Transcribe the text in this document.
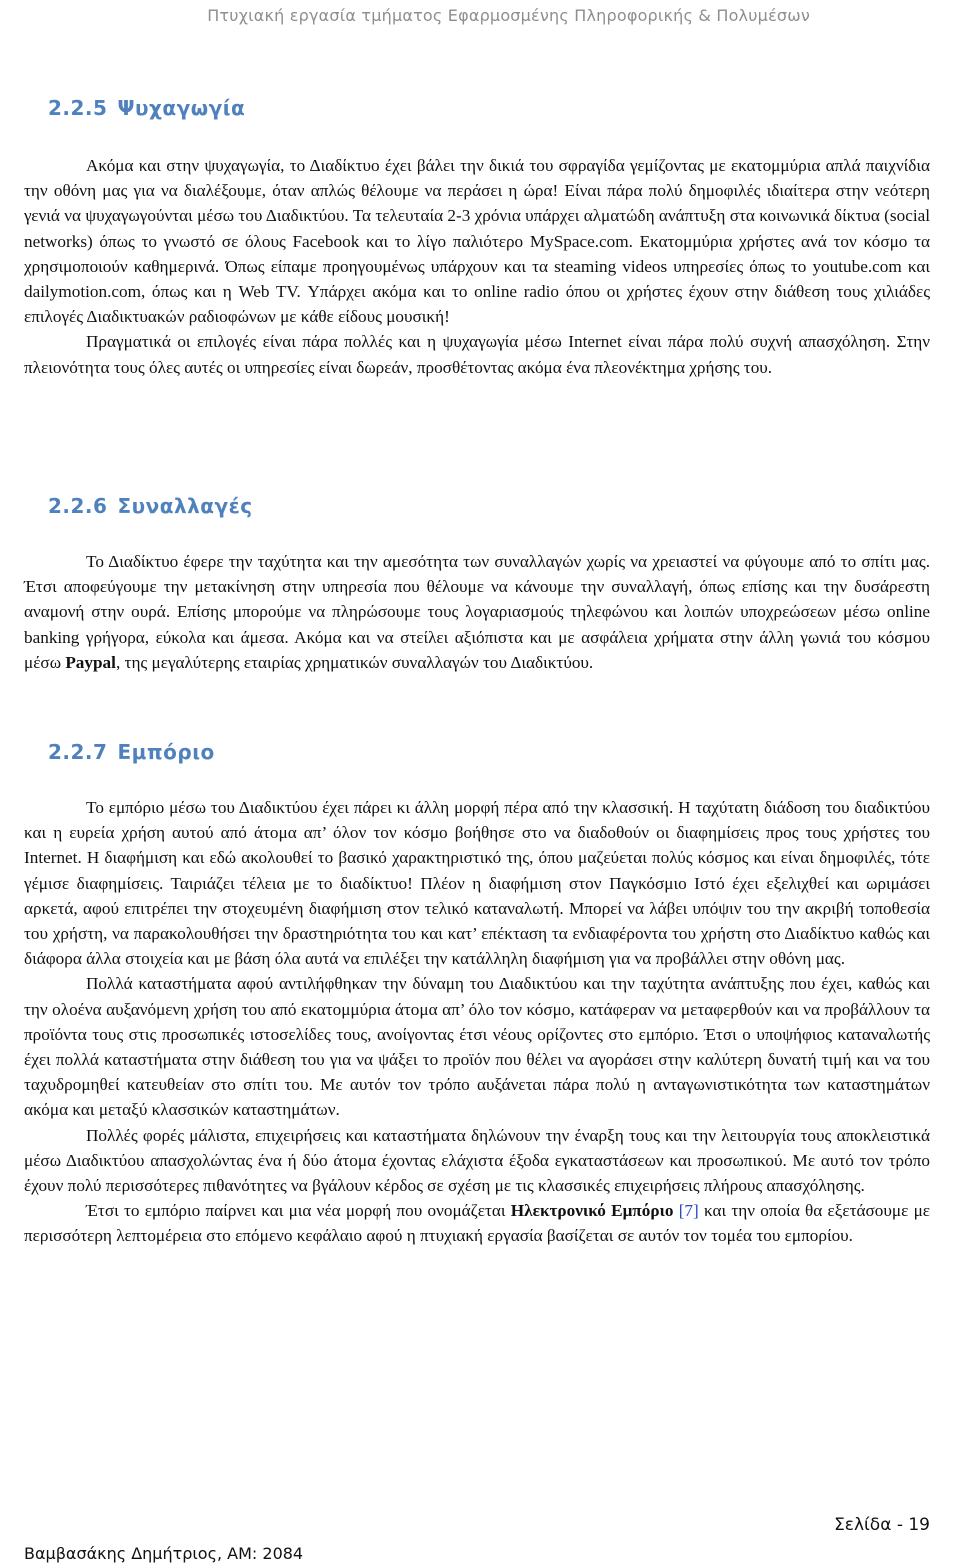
Πτυχιακή εργασία τμήματος Εφαρμοσμένης Πληροφορικής & Πολυμέσων
2.2.5 Ψυχαγωγία

Ακόμα και στην ψυχαγωγία, το Διαδίκτυο έχει βάλει την δικιά του σφραγίδα γεμίζοντας με εκατομμύρια απλά παιχνίδια την οθόνη μας για να διαλέξουμε, όταν απλώς θέλουμε να περάσει η ώρα! Είναι πάρα πολύ δημοφιλές ιδιαίτερα στην νεότερη γενιά να ψυχαγωγούνται μέσω του Διαδικτύου. Τα τελευταία 2-3 χρόνια υπάρχει αλματώδη ανάπτυξη στα κοινωνικά δίκτυα (social networks) όπως το γνωστό σε όλους Facebook και το λίγο παλιότερο MySpace.com. Εκατομμύρια χρήστες ανά τον κόσμο τα χρησιμοποιούν καθημερινά. Όπως είπαμε προηγουμένως υπάρχουν και τα steaming videos υπηρεσίες όπως το youtube.com και dailymotion.com, όπως και η Web TV. Υπάρχει ακόμα και το online radio όπου οι χρήστες έχουν στην διάθεση τους χιλιάδες επιλογές Διαδικτυακών ραδιοφώνων με κάθε είδους μουσική!

Πραγματικά οι επιλογές είναι πάρα πολλές και η ψυχαγωγία μέσω Internet είναι πάρα πολύ συχνή απασχόληση. Στην πλειονότητα τους όλες αυτές οι υπηρεσίες είναι δωρεάν, προσθέτοντας ακόμα ένα πλεονέκτημα χρήσης του.

2.2.6 Συναλλαγές

Το Διαδίκτυο έφερε την ταχύτητα και την αμεσότητα των συναλλαγών χωρίς να χρειαστεί να φύγουμε από το σπίτι μας. Έτσι αποφεύγουμε την μετακίνηση στην υπηρεσία που θέλουμε να κάνουμε την συναλλαγή, όπως επίσης και την δυσάρεστη αναμονή στην ουρά. Επίσης μπορούμε να πληρώσουμε τους λογαριασμούς τηλεφώνου και λοιπών υποχρεώσεων μέσω online banking γρήγορα, εύκολα και άμεσα. Ακόμα και να στείλει αξιόπιστα και με ασφάλεια χρήματα στην άλλη γωνιά του κόσμου μέσω Paypal, της μεγαλύτερης εταιρίας χρηματικών συναλλαγών του Διαδικτύου.

2.2.7 Εμπόριο

Το εμπόριο μέσω του Διαδικτύου έχει πάρει κι άλλη μορφή πέρα από την κλασσική. Η ταχύτατη διάδοση του διαδικτύου και η ευρεία χρήση αυτού από άτομα απ’ όλον τον κόσμο βοήθησε στο να διαδοθούν οι διαφημίσεις προς τους χρήστες του Internet. Η διαφήμιση και εδώ ακολουθεί το βασικό χαρακτηριστικό της, όπου μαζεύεται πολύς κόσμος και είναι δημοφιλές, τότε γέμισε διαφημίσεις. Ταιριάζει τέλεια με το διαδίκτυο! Πλέον η διαφήμιση στον Παγκόσμιο Ιστό έχει εξελιχθεί και ωριμάσει αρκετά, αφού επιτρέπει την στοχευμένη διαφήμιση στον τελικό καταναλωτή. Μπορεί να λάβει υπόψιν του την ακριβή τοποθεσία του χρήστη, να παρακολουθήσει την δραστηριότητα του και κατ’ επέκταση τα ενδιαφέροντα του χρήστη στο Διαδίκτυο καθώς και διάφορα άλλα στοιχεία και με βάση όλα αυτά να επιλέξει την κατάλληλη διαφήμιση για να προβάλλει στην οθόνη μας.

Πολλά καταστήματα αφού αντιλήφθηκαν την δύναμη του Διαδικτύου και την ταχύτητα ανάπτυξης που έχει, καθώς και την ολοένα αυξανόμενη χρήση του από εκατομμύρια άτομα απ’ όλο τον κόσμο, κατάφεραν να μεταφερθούν και να προβάλλουν τα προϊόντα τους στις προσωπικές ιστοσελίδες τους, ανοίγοντας έτσι νέους ορίζοντες στο εμπόριο. Έτσι ο υποψήφιος καταναλωτής έχει πολλά καταστήματα στην διάθεση του για να ψάξει το προϊόν που θέλει να αγοράσει στην καλύτερη δυνατή τιμή και να του ταχυδρομηθεί κατευθείαν στο σπίτι του. Με αυτόν τον τρόπο αυξάνεται πάρα πολύ η ανταγωνιστικότητα των καταστημάτων ακόμα και μεταξύ κλασσικών καταστημάτων.

Πολλές φορές μάλιστα, επιχειρήσεις και καταστήματα δηλώνουν την έναρξη τους και την λειτουργία τους αποκλειστικά μέσω Διαδικτύου απασχολώντας ένα ή δύο άτομα έχοντας ελάχιστα έξοδα εγκαταστάσεων και προσωπικού. Με αυτό τον τρόπο έχουν πολύ περισσότερες πιθανότητες να βγάλουν κέρδος σε σχέση με τις κλασσικές επιχειρήσεις πλήρους απασχόλησης.

Έτσι το εμπόριο παίρνει και μια νέα μορφή που ονομάζεται Ηλεκτρονικό Εμπόριο [7] και την οποία θα εξετάσουμε με περισσότερη λεπτομέρεια στο επόμενο κεφάλαιο αφού η πτυχιακή εργασία βασίζεται σε αυτόν τον τομέα του εμπορίου.

Σελίδα - 19
Βαμβασάκης Δημήτριος, ΑΜ: 2084
